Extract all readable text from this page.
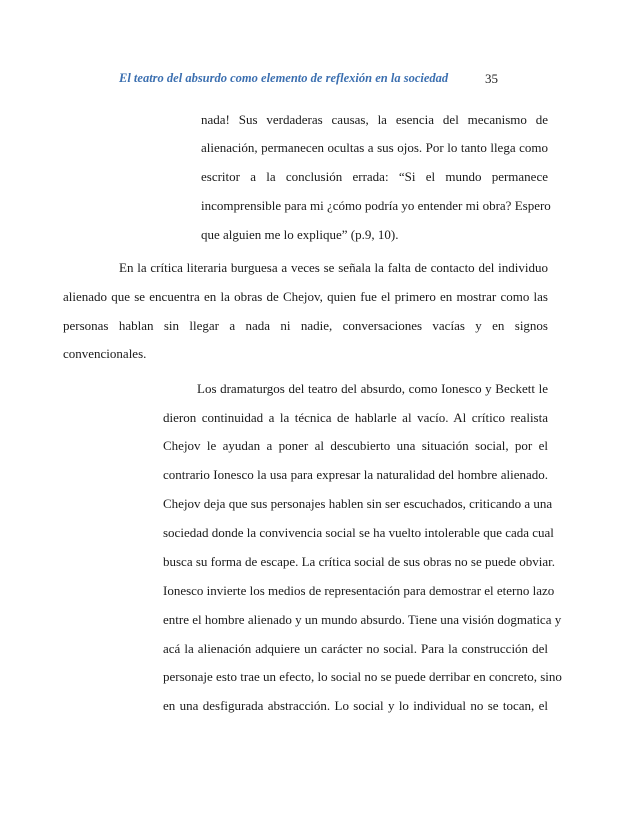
El teatro del absurdo como elemento de reflexión en la sociedad	35
nada! Sus verdaderas causas, la esencia del mecanismo de
alienación, permanecen ocultas a sus ojos. Por lo tanto llega como
escritor a la conclusión errada: “Si el mundo permanece
incomprensible para mi ¿cómo podría yo entender mi obra? Espero
que alguien me lo explique” (p.9, 10).
En la crítica literaria burguesa a veces se señala la falta de contacto del individuo
alienado que se encuentra en la obras de Chejov, quien fue el primero en mostrar como las
personas hablan sin llegar a nada ni nadie, conversaciones vacías y en signos
convencionales.
Los dramaturgos del teatro del absurdo, como Ionesco y Beckett le
dieron continuidad a la técnica de hablarle al vacío. Al crítico realista
Chejov le ayudan a poner al descubierto una situación social, por el
contrario Ionesco la usa para expresar la naturalidad del hombre alienado.
Chejov deja que sus personajes hablen sin ser escuchados, criticando a una
sociedad donde la convivencia social se ha vuelto intolerable que cada cual
busca su forma de escape. La crítica social de sus obras no se puede obviar.
Ionesco invierte los medios de representación para demostrar el eterno lazo
entre el hombre alienado y un mundo absurdo. Tiene una visión dogmatica y
acá la alienación adquiere un carácter no social. Para la construcción del
personaje esto trae un efecto, lo social no se puede derribar en concreto, sino
en una desfigurada abstracción. Lo social y lo individual no se tocan, el
